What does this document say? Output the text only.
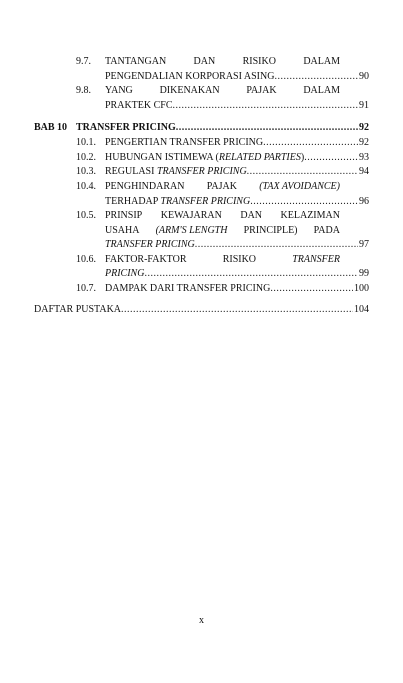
9.7. TANTANGAN	DAN	RISIKO	DALAM
PENGENDALIAN KORPORASI ASING .....	90
9.8. YANG	DIKENAKAN	PAJAK	DALAM
PRAKTEK CFC .....	91
BAB 10 TRANSFER PRICING .....	92
10.1. PENGERTIAN TRANSFER PRICING .....	92
10.2. HUBUNGAN ISTIMEWA (RELATED PARTIES) .....	93
10.3. REGULASI TRANSFER PRICING .....	94
10.4. PENGHINDARAN PAJAK (TAX AVOIDANCE)
TERHADAP TRANSFER PRICING .....	96
10.5. PRINSIP KEWAJARAN DAN KELAZIMAN
USAHA (ARM'S LENGTH PRINCIPLE) PADA
TRANSFER PRICING .....	97
10.6. FAKTOR-FAKTOR	RISIKO	TRANSFER
PRICING .....	99
10.7. DAMPAK DARI TRANSFER PRICING .....	100
DAFTAR PUSTAKA .....	104
x
